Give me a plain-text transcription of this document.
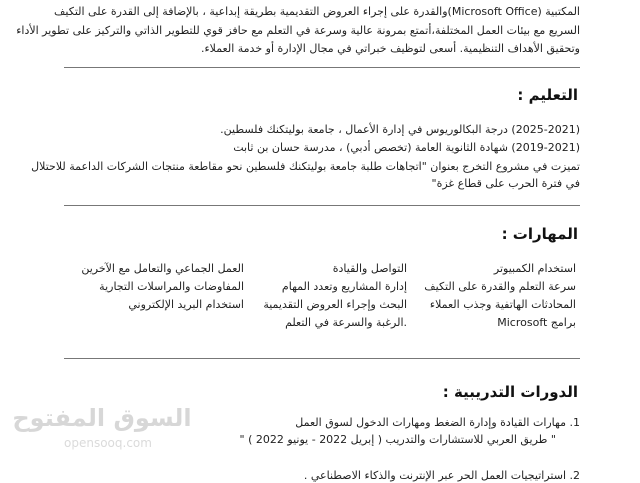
المكتبية (Microsoft Office)والقدرة على إجراء العروض التقديمية بطريقة إبداعية ، بالإضافة إلى القدرة على التكيف
السريع مع بيئات العمل المختلفة،أتمتع بمرونة عالية وسرعة في التعلم مع حافز قوي للتطوير الذاتي والتركيز على تطوير الأداء
وتحقيق الأهداف التنظيمية. أسعى لتوظيف خبراتي في مجال الإدارة أو خدمة العملاء.
التعليم :
(2025-2021) درجة البكالوريوس في إدارة الأعمال ، جامعة بوليتكنك فلسطين.
(2019-2021) شهادة الثانوية العامة (تخصص أدبي) ، مدرسة حسان بن ثابت
تميزت في مشروع التخرج بعنوان "اتجاهات طلبة جامعة بوليتكنك فلسطين نحو مقاطعة منتجات الشركات الداعمة للاحتلال
في فترة الحرب على قطاع غزة"
المهارات :
استخدام الكمبيوتر
سرعة التعلم والقدرة على التكيف
المحادثات الهاتفية وجذب العملاء
برامج Microsoft
التواصل والقيادة
إدارة المشاريع وتعدد المهام
البحث وإجراء العروض التقديمية
.الرغبة والسرعة في التعلم
العمل الجماعي والتعامل مع الآخرين
المفاوضات والمراسلات التجارية
استخدام البريد الإلكتروني
الدورات التدريبية :
1. مهارات القيادة وإدارة الضغط ومهارات الدخول لسوق العمل
" طريق العربي للاستشارات والتدريب ( إبريل 2022 - يونيو 2022 ) "
2. استراتيجيات العمل الحر عبر الإنترنت والذكاء الاصطناعي .
السوق المفتوح
opensooq.com
